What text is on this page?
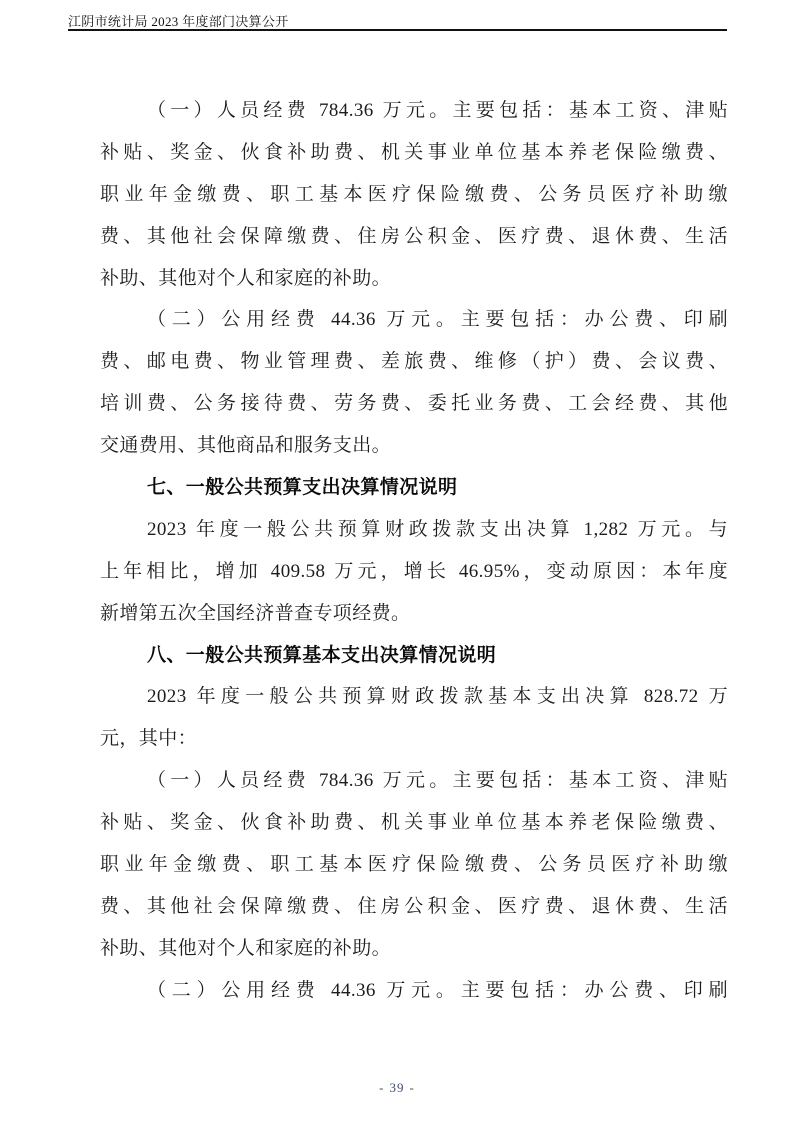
江阴市统计局 2023 年度部门决算公开
（一）人员经费 784.36 万元。主要包括：基本工资、津贴
补贴、奖金、伙食补助费、机关事业单位基本养老保险缴费、
职业年金缴费、职工基本医疗保险缴费、公务员医疗补助缴
费、其他社会保障缴费、住房公积金、医疗费、退休费、生活
补助、其他对个人和家庭的补助。
（二）公用经费 44.36 万元。主要包括：办公费、印刷
费、邮电费、物业管理费、差旅费、维修（护）费、会议费、
培训费、公务接待费、劳务费、委托业务费、工会经费、其他
交通费用、其他商品和服务支出。
七、一般公共预算支出决算情况说明
2023 年度一般公共预算财政拨款支出决算 1,282 万元。与
上年相比，增加 409.58 万元，增长 46.95%，变动原因：本年度
新增第五次全国经济普查专项经费。
八、一般公共预算基本支出决算情况说明
2023 年度一般公共预算财政拨款基本支出决算 828.72 万
元，其中：
（一）人员经费 784.36 万元。主要包括：基本工资、津贴
补贴、奖金、伙食补助费、机关事业单位基本养老保险缴费、
职业年金缴费、职工基本医疗保险缴费、公务员医疗补助缴
费、其他社会保障缴费、住房公积金、医疗费、退休费、生活
补助、其他对个人和家庭的补助。
（二）公用经费 44.36 万元。主要包括：办公费、印刷
- 39 -
